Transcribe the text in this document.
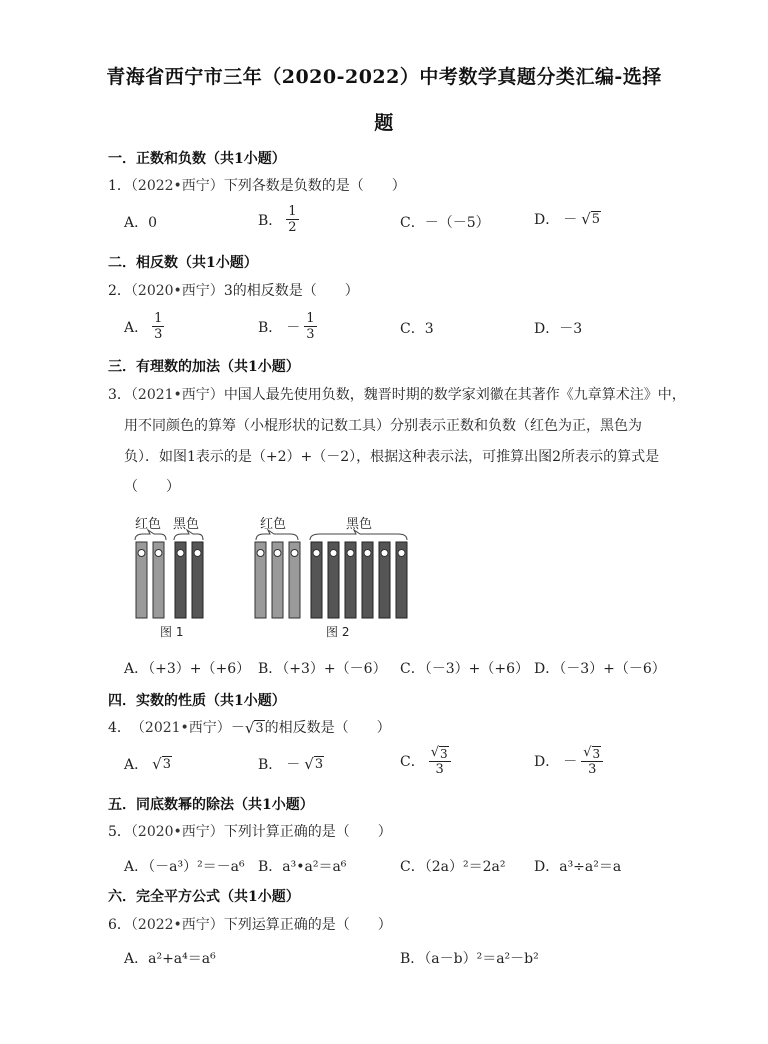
青海省西宁市三年（2020-2022）中考数学真题分类汇编-选择
题
一．正数和负数（共1小题）
1．（2022•西宁）下列各数是负数的是（　　）
A．0	B． $\frac{1}{2}$	C．－（－5）	D． － √ 5
二．相反数（共1小题）
2．（2020•西宁）3的相反数是（　　）
A． $\frac{1}{3}$	B． － $\frac{1}{3}$	C．3	D．－3
三．有理数的加法（共1小题）
3．（2021•西宁）中国人最先使用负数，魏晋时期的数学家刘徽在其著作《九章算术注》中，
用不同颜色的算筹（小棍形状的记数工具）分别表示正数和负数（红色为正，黑色为
负）．如图1表示的是（+2）+（－2），根据这种表示法，可推算出图2所表示的算式是
（　　）
红色 黑色
图 1
红色	黑色
图 2
A．（+3）+（+6） B．（+3）+（－6） C．（－3）+（+6） D．（－3）+（－6）
四．实数的性质（共1小题）
4． （2021•西宁） － √ 3 的相反数是（　　）
A． √ 3	B． － √ 3	C． $\frac{√ 3}{3}$	D． － $\frac{√ 3}{3}$
五．同底数幂的除法（共1小题）
5．（2020•西宁）下列计算正确的是（　　）
A．（－a³）²＝－a⁶ B．a³•a²＝a⁶	C．（2a）²＝2a² D．a³÷a²＝a
六．完全平方公式（共1小题）
6．（2022•西宁）下列运算正确的是（　　）
A．a²+a⁴＝a⁶	B．（a－b）²＝a²－b²
